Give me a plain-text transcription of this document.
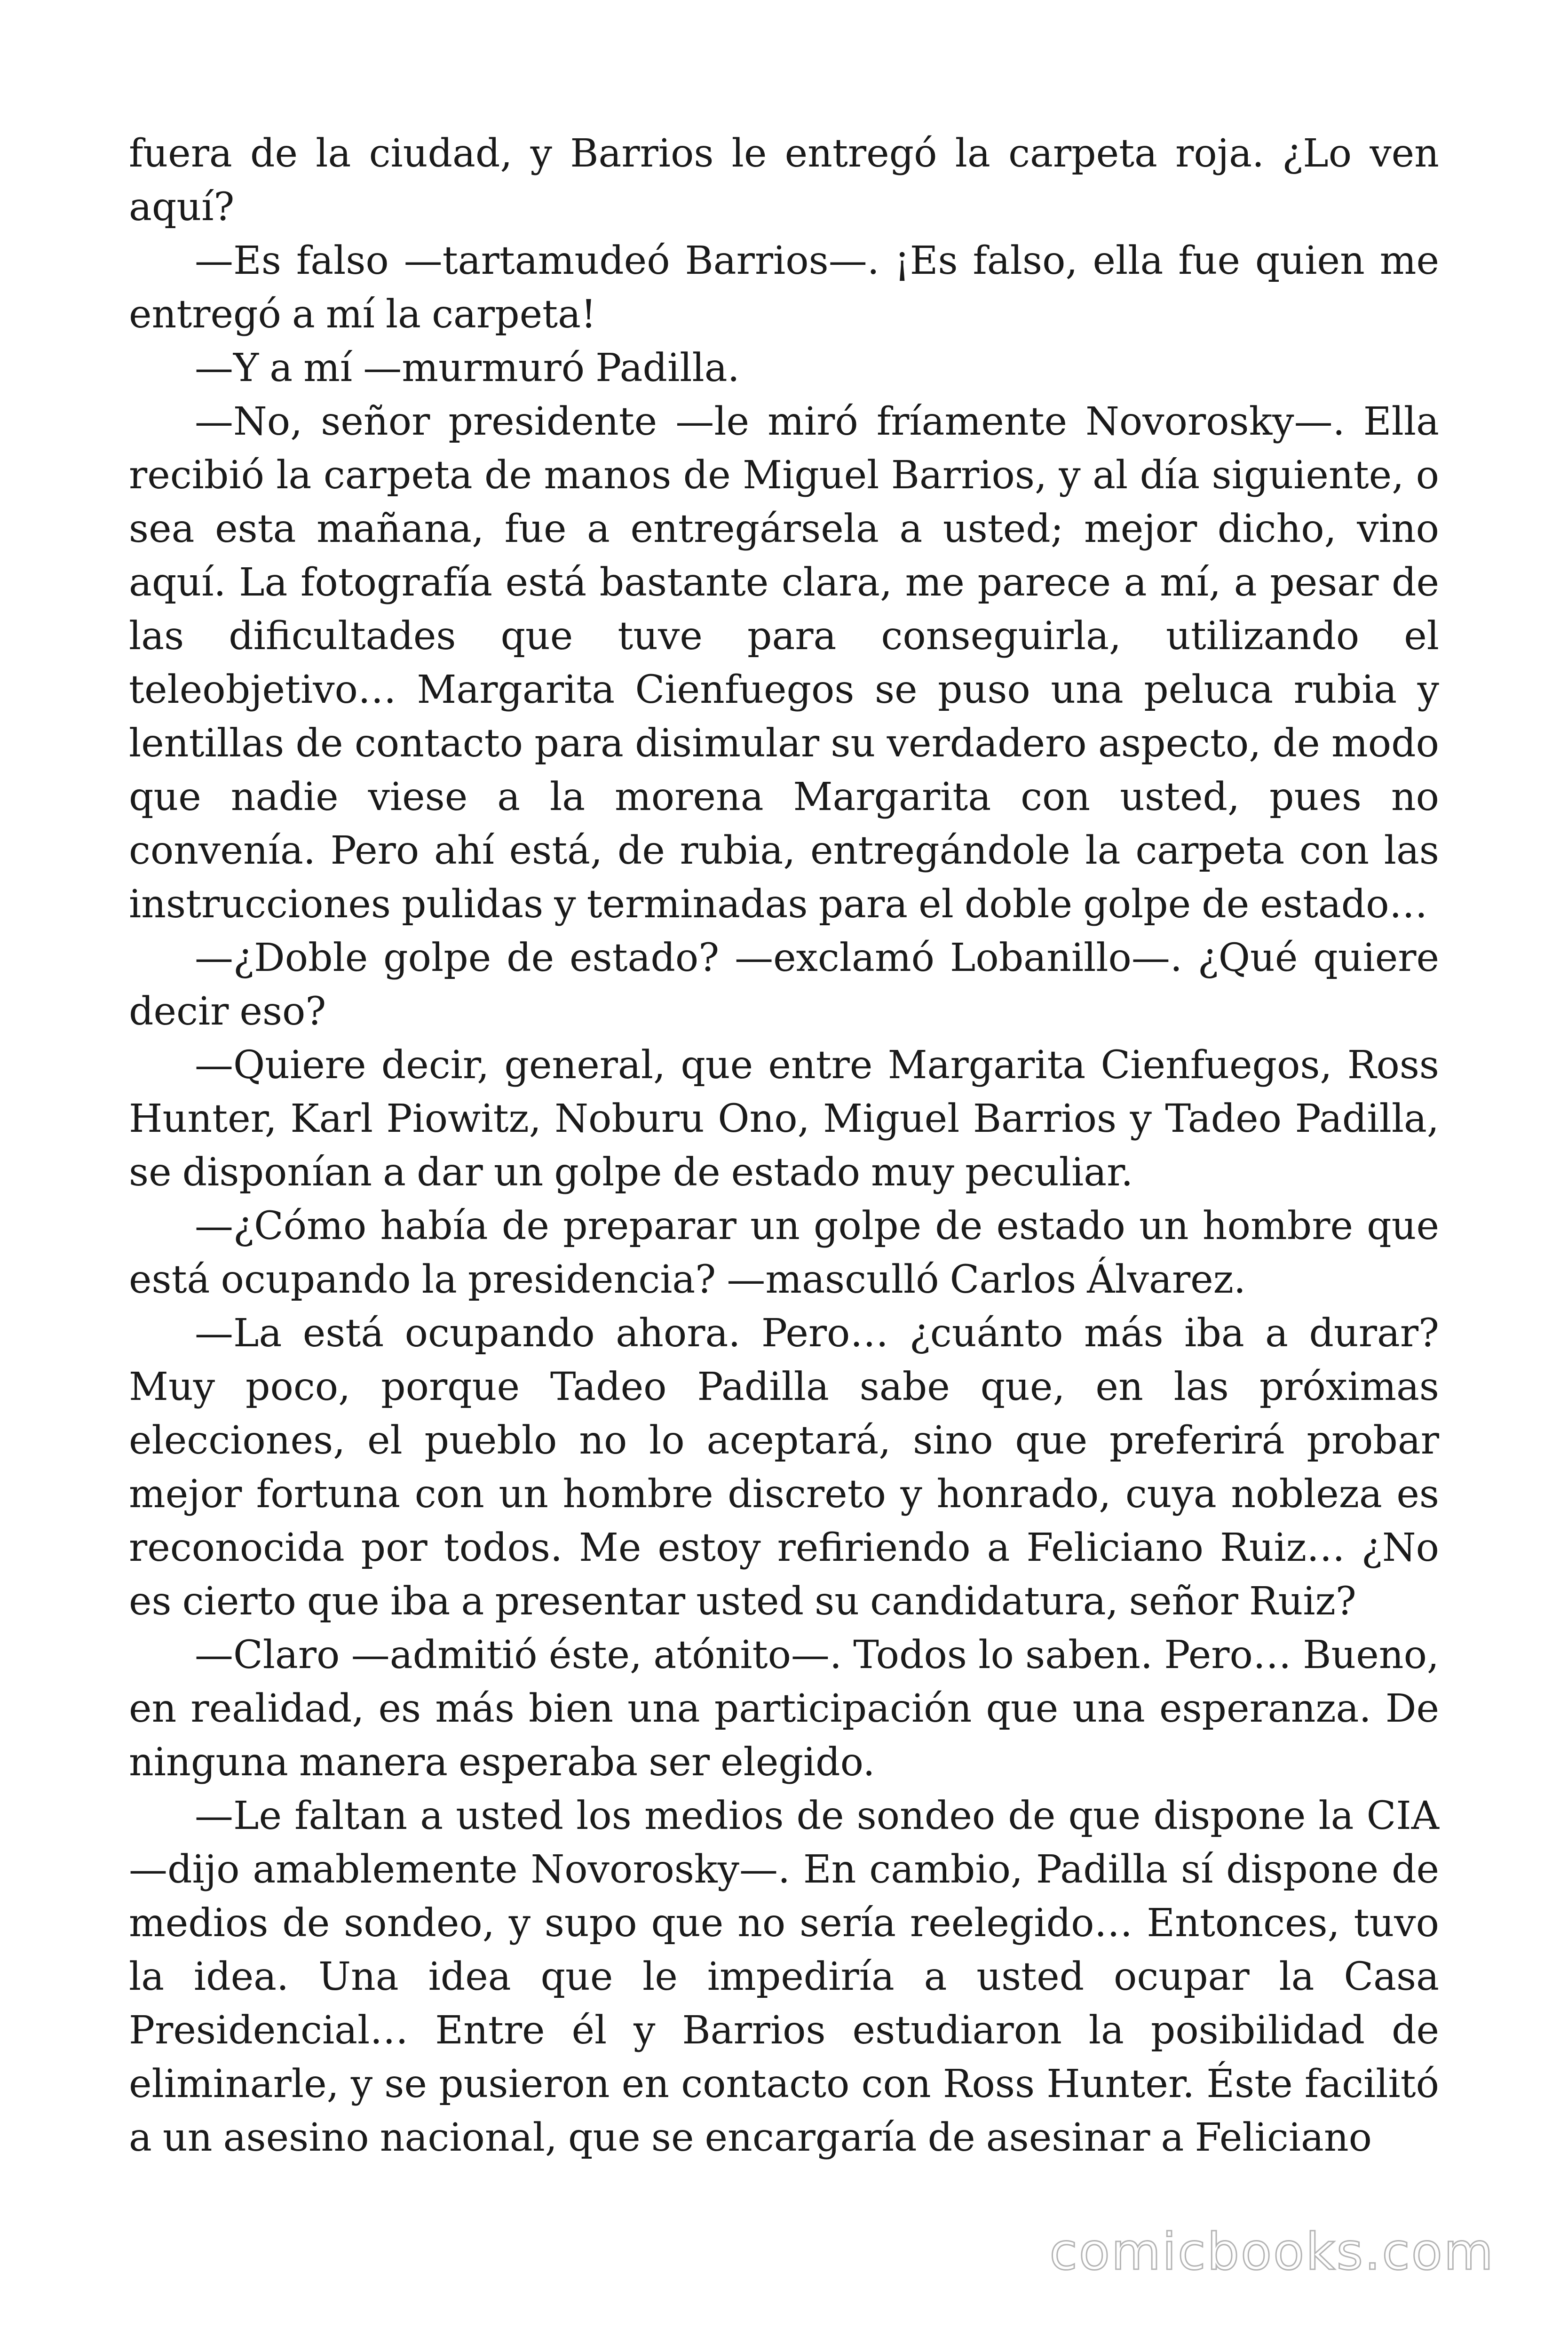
fuera de la ciudad, y Barrios le entregó la carpeta roja. ¿Lo ven aquí?

—Es falso —tartamudeó Barrios—. ¡Es falso, ella fue quien me entregó a mí la carpeta!

—Y a mí —murmuró Padilla.

—No, señor presidente —le miró fríamente Novorosky—. Ella recibió la carpeta de manos de Miguel Barrios, y al día siguiente, o sea esta mañana, fue a entregársela a usted; mejor dicho, vino aquí. La fotografía está bastante clara, me parece a mí, a pesar de las dificultades que tuve para conseguirla, utilizando el teleobjetivo… Margarita Cienfuegos se puso una peluca rubia y lentillas de contacto para disimular su verdadero aspecto, de modo que nadie viese a la morena Margarita con usted, pues no convenía. Pero ahí está, de rubia, entregándole la carpeta con las instrucciones pulidas y terminadas para el doble golpe de estado…

—¿Doble golpe de estado? —exclamó Lobanillo—. ¿Qué quiere decir eso?

—Quiere decir, general, que entre Margarita Cienfuegos, Ross Hunter, Karl Piowitz, Noburu Ono, Miguel Barrios y Tadeo Padilla, se disponían a dar un golpe de estado muy peculiar.

—¿Cómo había de preparar un golpe de estado un hombre que está ocupando la presidencia? —masculló Carlos Álvarez.

—La está ocupando ahora. Pero… ¿cuánto más iba a durar? Muy poco, porque Tadeo Padilla sabe que, en las próximas elecciones, el pueblo no lo aceptará, sino que preferirá probar mejor fortuna con un hombre discreto y honrado, cuya nobleza es reconocida por todos. Me estoy refiriendo a Feliciano Ruiz… ¿No es cierto que iba a presentar usted su candidatura, señor Ruiz?

—Claro —admitió éste, atónito—. Todos lo saben. Pero… Bueno, en realidad, es más bien una participación que una esperanza. De ninguna manera esperaba ser elegido.

—Le faltan a usted los medios de sondeo de que dispone la CIA —dijo amablemente Novorosky—. En cambio, Padilla sí dispone de medios de sondeo, y supo que no sería reelegido… Entonces, tuvo la idea. Una idea que le impediría a usted ocupar la Casa Presidencial… Entre él y Barrios estudiaron la posibilidad de eliminarle, y se pusieron en contacto con Ross Hunter. Éste facilitó a un asesino nacional, que se encargaría de asesinar a Feliciano

comicbooks.com
